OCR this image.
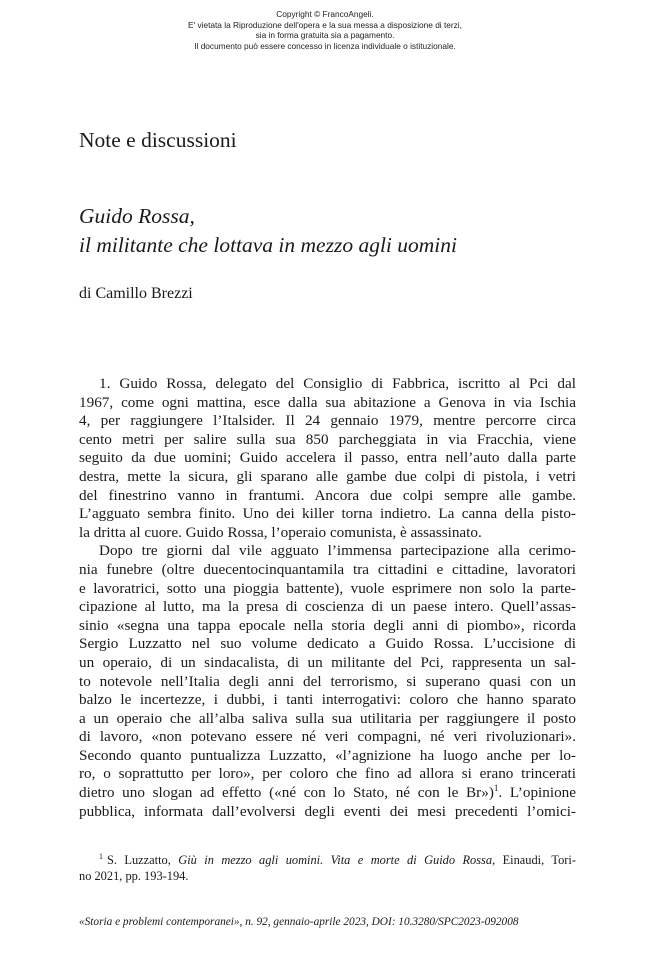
Copyright © FrancoAngeli.
E' vietata la Riproduzione dell'opera e la sua messa a disposizione di terzi,
sia in forma gratuita sia a pagamento.
Il documento può essere concesso in licenza individuale o istituzionale.
Note e discussioni
Guido Rossa,
il militante che lottava in mezzo agli uomini
di Camillo Brezzi
1. Guido Rossa, delegato del Consiglio di Fabbrica, iscritto al Pci dal
1967, come ogni mattina, esce dalla sua abitazione a Genova in via Ischia
4, per raggiungere l’Italsider. Il 24 gennaio 1979, mentre percorre circa
cento metri per salire sulla sua 850 parcheggiata in via Fracchia, viene
seguito da due uomini; Guido accelera il passo, entra nell’auto dalla parte
destra, mette la sicura, gli sparano alle gambe due colpi di pistola, i vetri
del finestrino vanno in frantumi. Ancora due colpi sempre alle gambe.
L’agguato sembra finito. Uno dei killer torna indietro. La canna della pisto-
la dritta al cuore. Guido Rossa, l’operaio comunista, è assassinato.
Dopo tre giorni dal vile agguato l’immensa partecipazione alla cerimo-
nia funebre (oltre duecentocinquantamila tra cittadini e cittadine, lavoratori
e lavoratrici, sotto una pioggia battente), vuole esprimere non solo la parte-
cipazione al lutto, ma la presa di coscienza di un paese intero. Quell’assas-
sinio «segna una tappa epocale nella storia degli anni di piombo», ricorda
Sergio Luzzatto nel suo volume dedicato a Guido Rossa. L’uccisione di
un operaio, di un sindacalista, di un militante del Pci, rappresenta un sal-
to notevole nell’Italia degli anni del terrorismo, si superano quasi con un
balzo le incertezze, i dubbi, i tanti interrogativi: coloro che hanno sparato
a un operaio che all’alba saliva sulla sua utilitaria per raggiungere il posto
di lavoro, «non potevano essere né veri compagni, né veri rivoluzionari».
Secondo quanto puntualizza Luzzatto, «l’agnizione ha luogo anche per lo-
ro, o soprattutto per loro», per coloro che fino ad allora si erano trincerati
dietro uno slogan ad effetto («né con lo Stato, né con le Br»)$^1$. L’opinione
pubblica, informata dall’evolversi degli eventi dei mesi precedenti l’omici-
$^1$ S. Luzzatto, Giù in mezzo agli uomini. Vita e morte di Guido Rossa, Einaudi, Tori-
no 2021, pp. 193-194.
«Storia e problemi contemporanei», n. 92, gennaio-aprile 2023, DOI: 10.3280/SPC2023-092008
